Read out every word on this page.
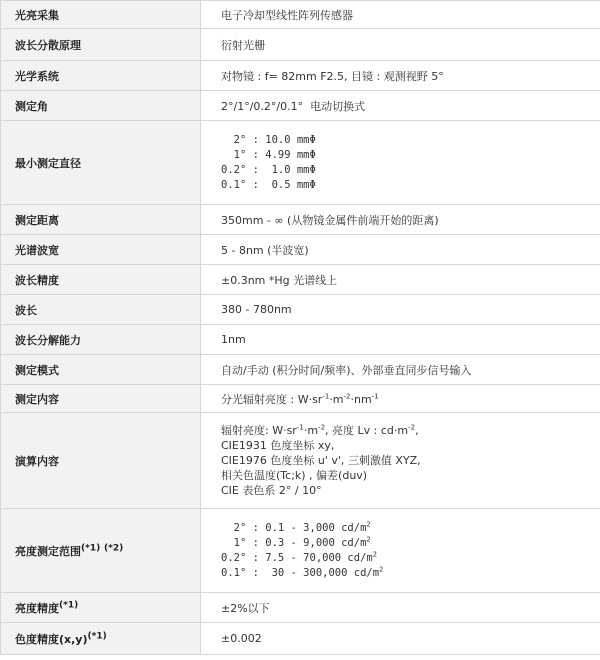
光亮采集	电子冷却型线性阵列传感器
波长分散原理	衍射光栅
光学系统	对物镜 : f= 82mm F2.5, 目镜 : 观测视野 5°
测定角	2°/1°/0.2°/0.1°  电动切换式
最小测定直径	2° : 10.0 mmΦ
1° : 4.99 mmΦ
0.2° :  1.0 mmΦ
0.1° :  0.5 mmΦ

测定距离	350mm - ∞ (从物镜金属件前端开始的距离)
光谱波宽	5 - 8nm (半波宽)
波长精度	±0.3nm *Hg 光谱线上
波长	380 - 780nm
波长分解能力	1nm
测定模式	自动/手动 (积分时间/频率)、外部垂直同步信号输入
测定内容	分光辐射亮度 : $W\cdot sr^{-1}\cdot m^{-2}\cdot nm^{-1}$
演算内容	辐射亮度: $W\cdot sr^{-1}\cdot m^{-2}$, 亮度 Lv : $cd\cdot m^{-2}$,
CIE1931 色度坐标 xy,
CIE1976 色度坐标 u' v', 三刺激值 XYZ,
相关色温度(Tc;k) , 偏差(duv)
CIE 表色系 2° / 10°

亮度测定范围$^{(*1)}$ $^{(*2)}$	2° : 0.1 - 3,000 $cd/m^2$
1° : 0.3 - 9,000 $cd/m^2$
0.2° : 7.5 - 70,000 $cd/m^2$
0.1° :  30 - 300,000 $cd/m^2$

亮度精度$^{(*1)}$	±2%以下
色度精度$(x,y)^{(*1)}$	±0.002
